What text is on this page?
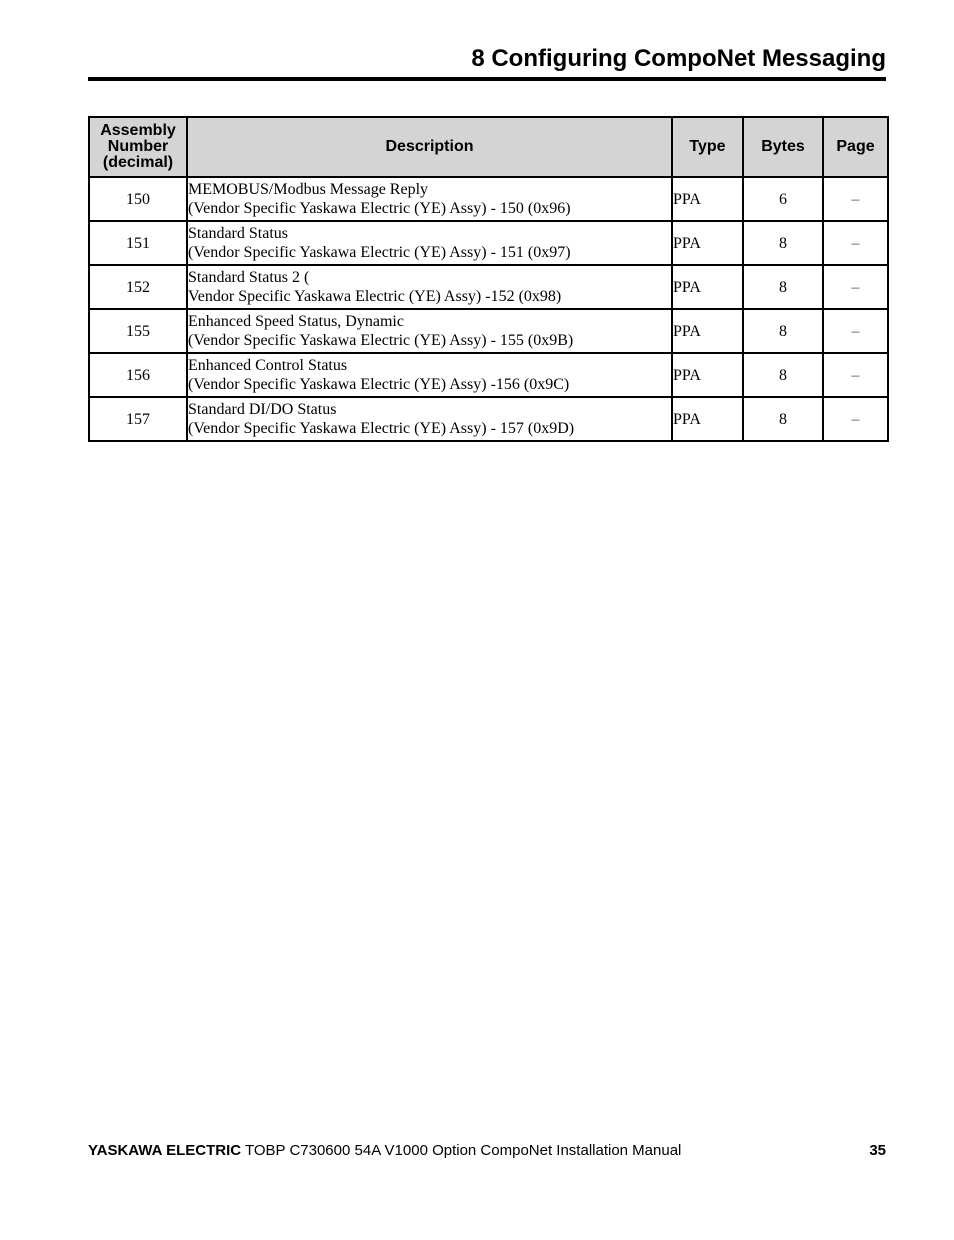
8 Configuring CompoNet Messaging
Assembly
Number
(decimal)	Description	Type	Bytes	Page
150	MEMOBUS/Modbus Message Reply
(Vendor Specific Yaskawa Electric (YE) Assy) - 150 (0x96)	PPA	6	–
151	Standard Status
(Vendor Specific Yaskawa Electric (YE) Assy) - 151 (0x97)	PPA	8	–
152	Standard Status 2 (
Vendor Specific Yaskawa Electric (YE) Assy) -152 (0x98)	PPA	8	–
155	Enhanced Speed Status, Dynamic
(Vendor Specific Yaskawa Electric (YE) Assy) - 155 (0x9B)	PPA	8	–
156	Enhanced Control Status
(Vendor Specific Yaskawa Electric (YE) Assy) -156 (0x9C)	PPA	8	–
157	Standard DI/DO Status
(Vendor Specific Yaskawa Electric (YE) Assy) - 157 (0x9D)	PPA	8	–
YASKAWA ELECTRIC TOBP C730600 54A V1000 Option CompoNet Installation Manual	35
